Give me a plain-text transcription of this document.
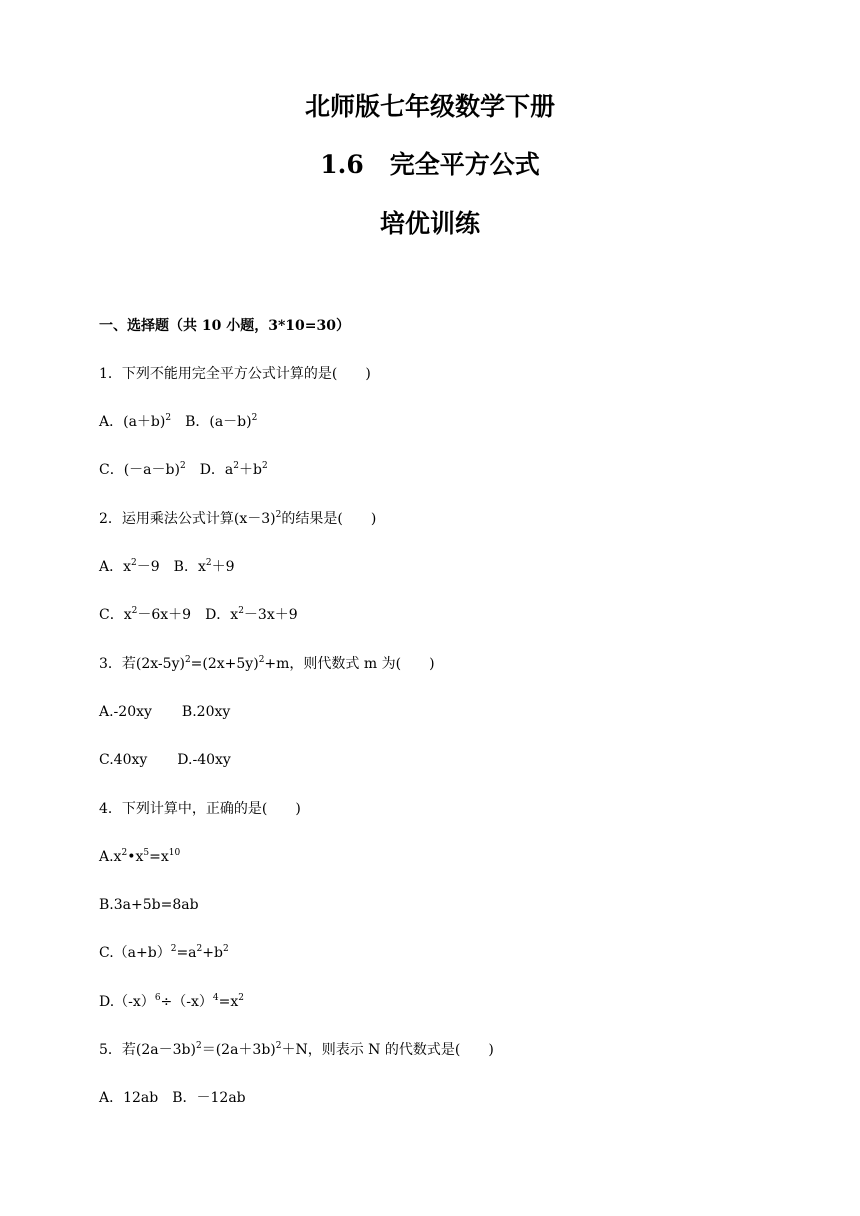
北师版七年级数学下册
1.6 完全平方公式
培优训练

一、选择题（共 10 小题，3*10=30）

1．下列不能用完全平方公式计算的是(　　)

A．$(a+b)^2$ B．$(a-b)^2$

C．$(-a-b)^2$ D．$a^2+b^2$

2．运用乘法公式计算$(x-3)^2$的结果是(　　)

A．$x^2-9$ B．$x^2+9$

C．$x^2-6x+9$ D．$x^2-3x+9$

3．若$(2x-5y)^2=(2x+5y)^2+m$，则代数式 m 为(　　)

A.-20xy B.20xy

C.40xy D.-40xy

4．下列计算中，正确的是(　　)

$A.x^2•x^5=x^{10}$

B.3a+5b=8ab

$C.(a+b)^2=a^2+b^2$

$D.(-x)^6\div(-x)^4=x^2$

5．若$(2a-3b)^2=(2a+3b)^2+N$，则表示 N 的代数式是(　　)

A．12ab B．－12ab
